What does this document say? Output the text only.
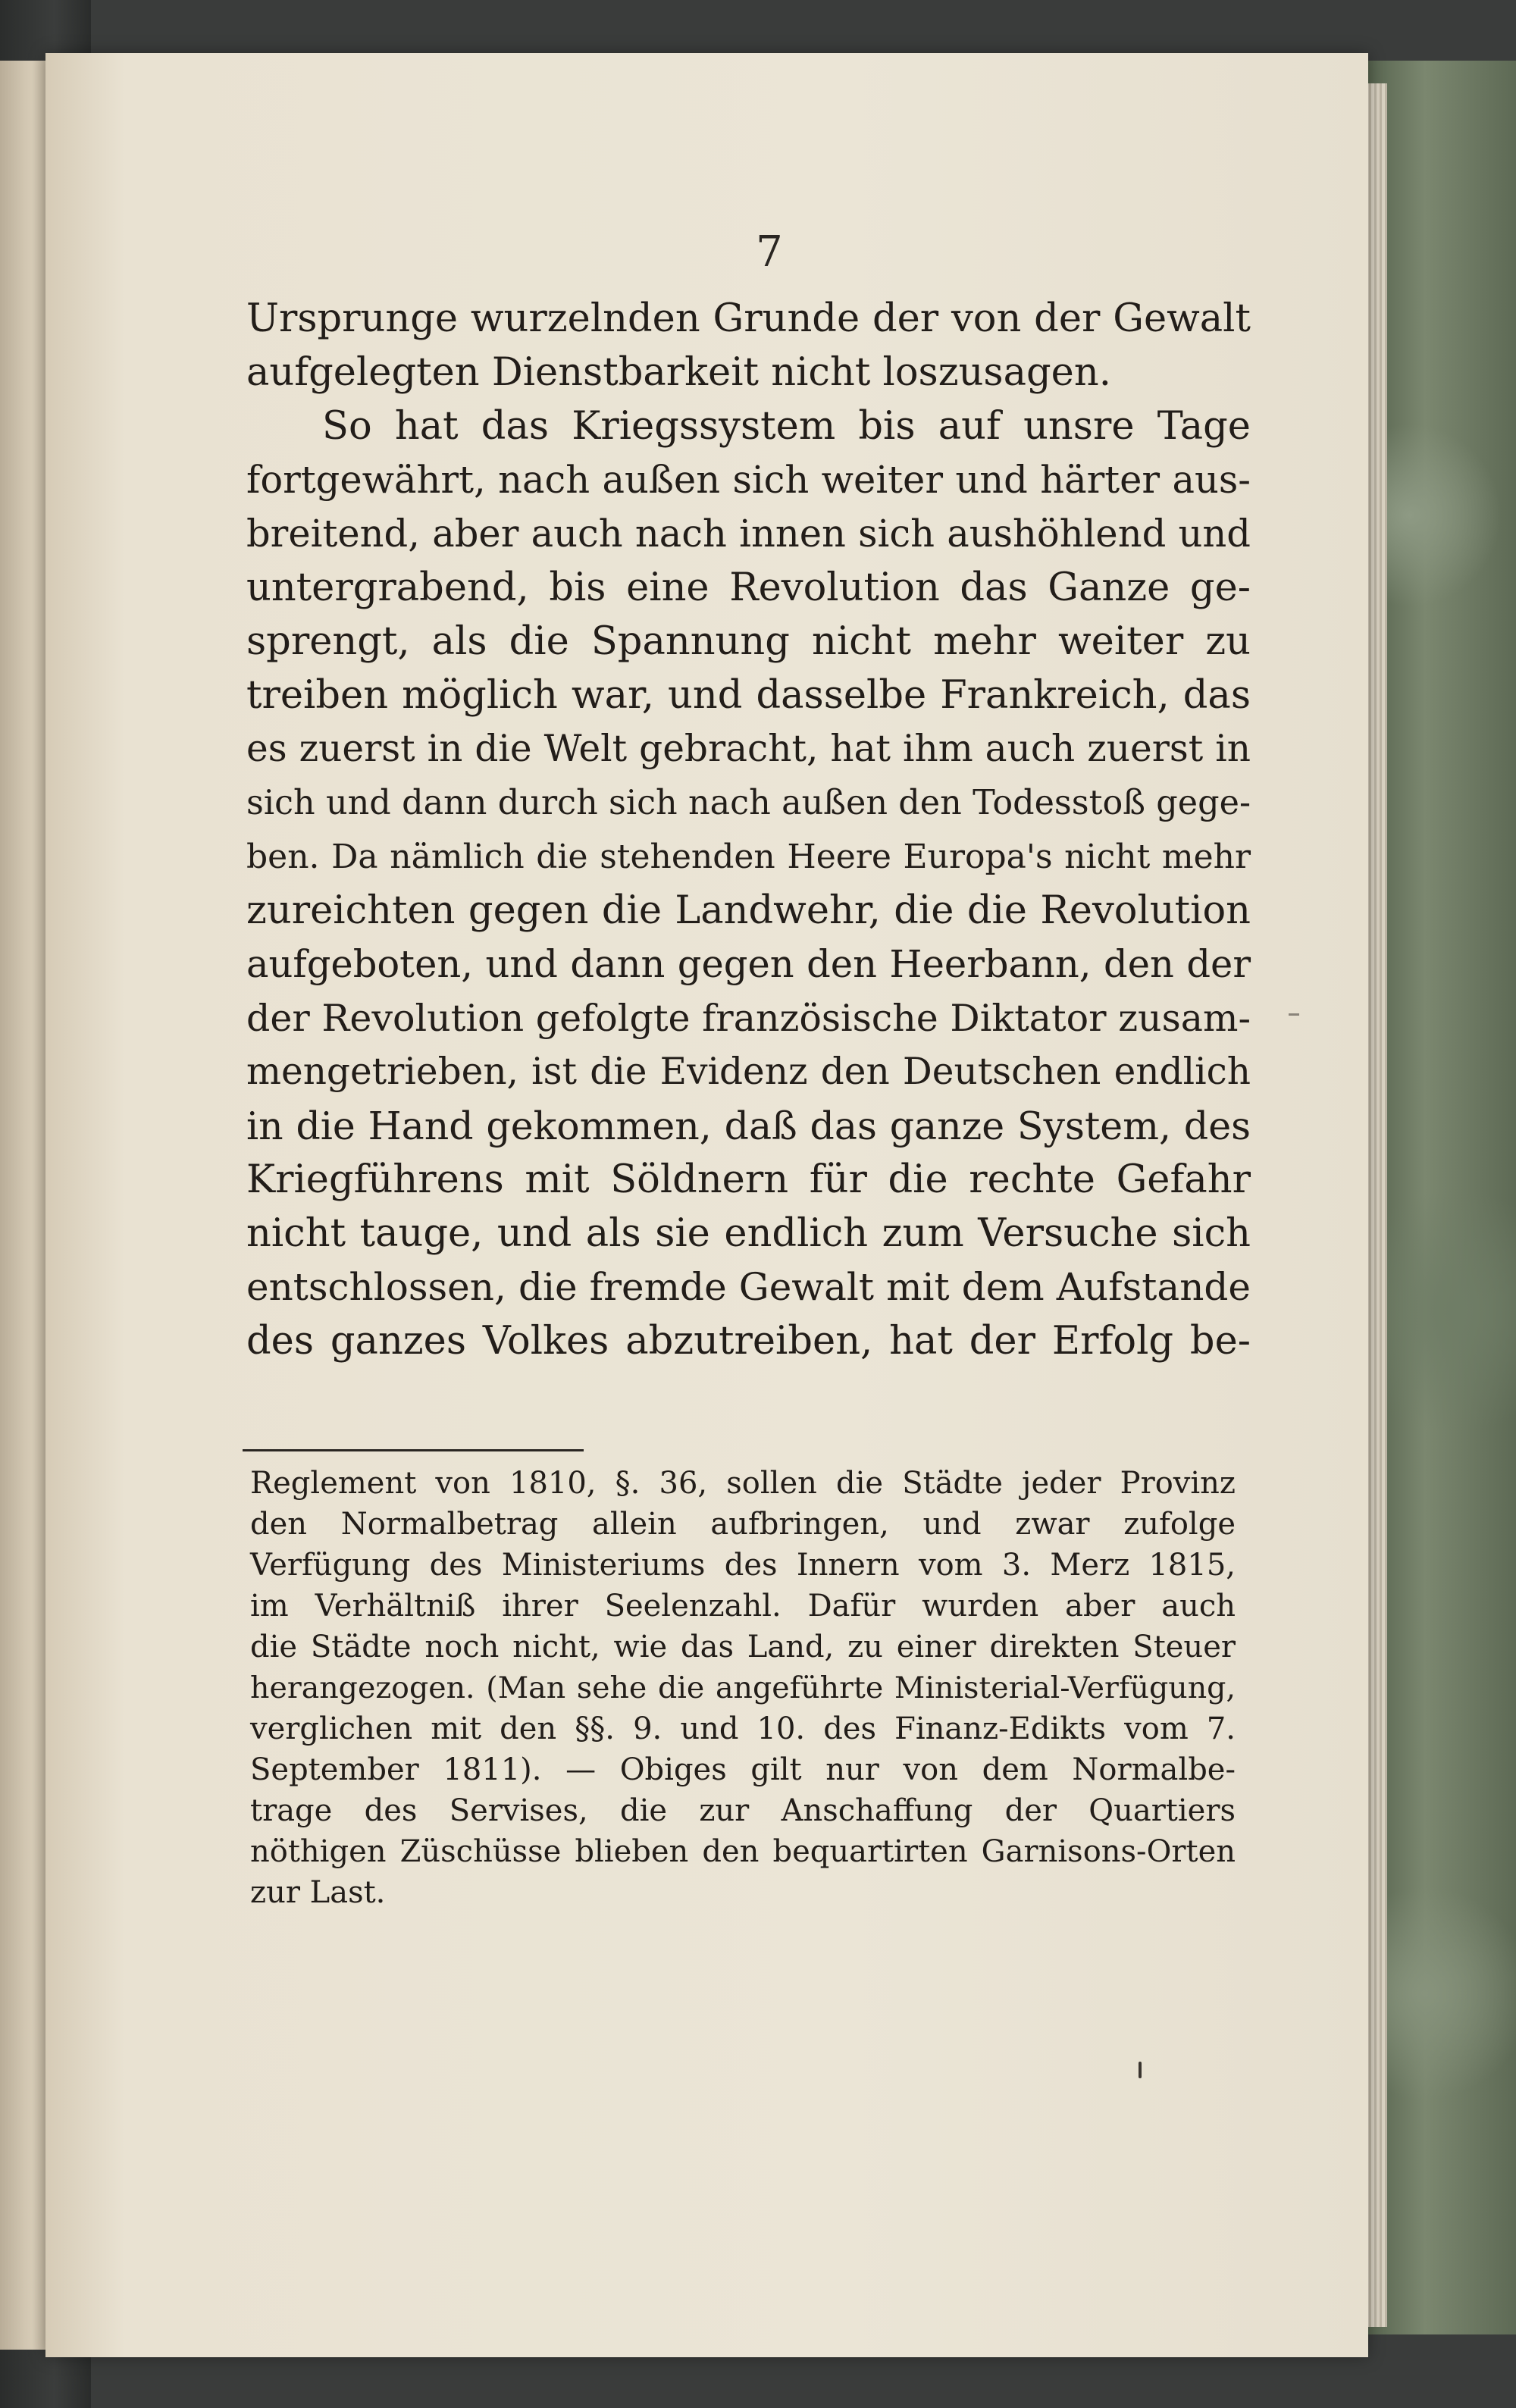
7
Ursprunge wurzelnden Grunde der von der Gewalt
aufgelegten Dienstbarkeit nicht loszusagen.
So hat das Kriegssystem bis auf unsre Tage
fortgewährt, nach außen sich weiter und härter aus-
breitend, aber auch nach innen sich aushöhlend und
untergrabend, bis eine Revolution das Ganze ge-
sprengt, als die Spannung nicht mehr weiter zu
treiben möglich war, und dasselbe Frankreich, das
es zuerst in die Welt gebracht, hat ihm auch zuerst in
sich und dann durch sich nach außen den Todesstoß gege-
ben. Da nämlich die stehenden Heere Europa's nicht mehr
zureichten gegen die Landwehr, die die Revolution
aufgeboten, und dann gegen den Heerbann, den der
der Revolution gefolgte französische Diktator zusam-
mengetrieben, ist die Evidenz den Deutschen endlich
in die Hand gekommen, daß das ganze System, des
Kriegführens mit Söldnern für die rechte Gefahr
nicht tauge, und als sie endlich zum Versuche sich
entschlossen, die fremde Gewalt mit dem Aufstande
des ganzes Volkes abzutreiben, hat der Erfolg be-
Reglement von 1810, §. 36, sollen die Städte jeder Provinz
den Normalbetrag allein aufbringen, und zwar zufolge
Verfügung des Ministeriums des Innern vom 3. Merz 1815,
im Verhältniß ihrer Seelenzahl. Dafür wurden aber auch
die Städte noch nicht, wie das Land, zu einer direkten Steuer
herangezogen. (Man sehe die angeführte Ministerial-Verfügung,
verglichen mit den §§. 9. und 10. des Finanz-Edikts vom 7.
September 1811). — Obiges gilt nur von dem Normalbe-
trage des Servises, die zur Anschaffung der Quartiers
nöthigen Züschüsse blieben den bequartirten Garnisons-Orten
zur Last.
